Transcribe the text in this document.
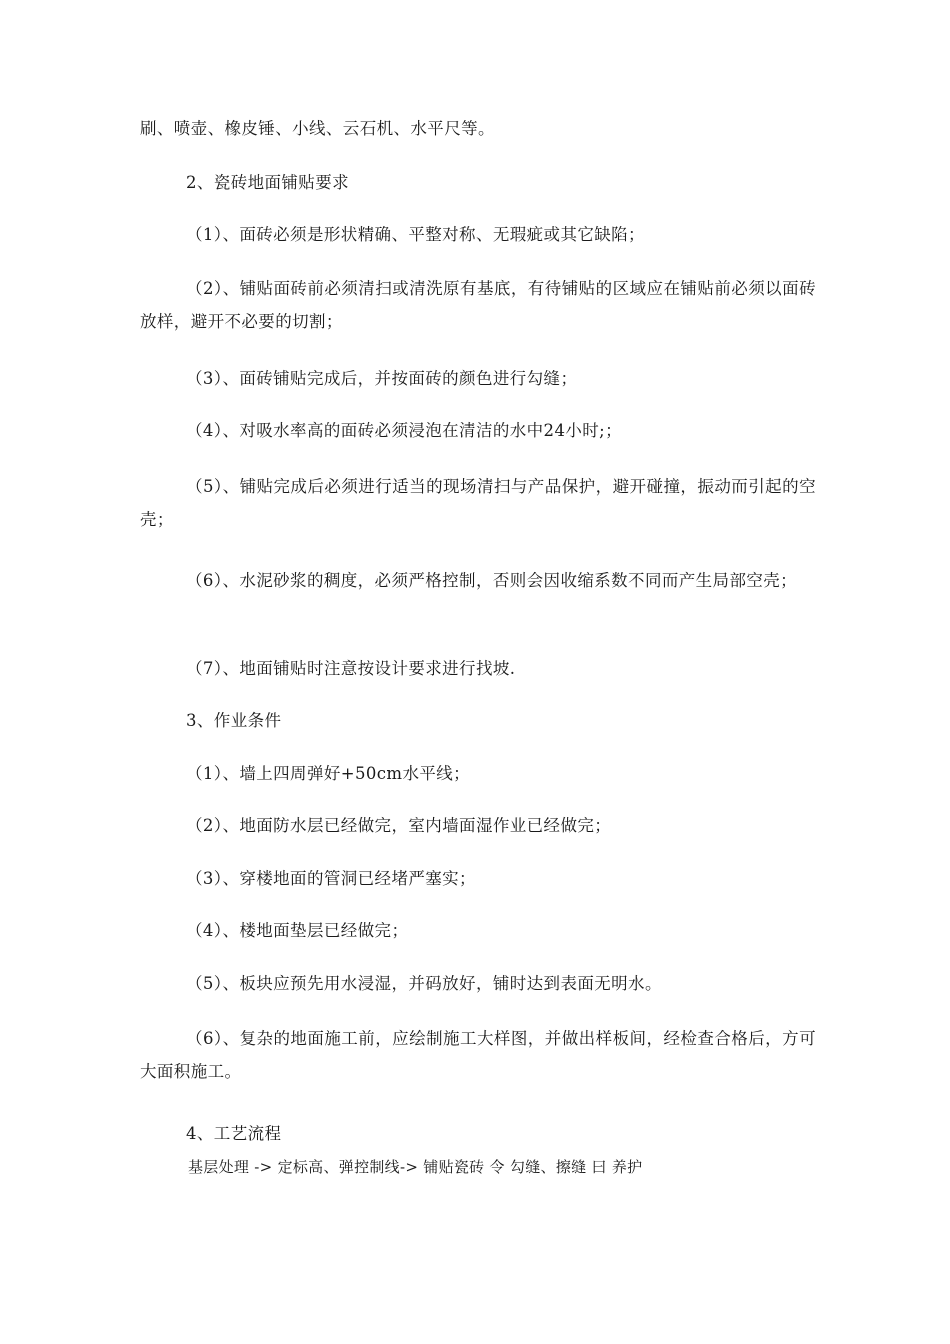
刷、喷壶、橡皮锤、小线、云石机、水平尺等。
2、瓷砖地面铺贴要求
（1）、面砖必须是形状精确、平整对称、无瑕疵或其它缺陷；
（2）、铺贴面砖前必须清扫或清洗原有基底，有待铺贴的区域应在铺贴前必须以面砖放样，避开不必要的切割；
（3）、面砖铺贴完成后，并按面砖的颜色进行勾缝；
（4）、对吸水率高的面砖必须浸泡在清洁的水中24小时;；
（5）、铺贴完成后必须进行适当的现场清扫与产品保护，避开碰撞，振动而引起的空壳；
（6）、水泥砂浆的稠度，必须严格控制，否则会因收缩系数不同而产生局部空壳；
（7）、地面铺贴时注意按设计要求进行找坡.
3、作业条件
（1）、墙上四周弹好+50cm水平线；
（2）、地面防水层已经做完，室内墙面湿作业已经做完；
（3）、穿楼地面的管洞已经堵严塞实；
（4）、楼地面垫层已经做完；
（5）、板块应预先用水浸湿，并码放好，铺时达到表面无明水。
（6）、复杂的地面施工前，应绘制施工大样图，并做出样板间，经检查合格后，方可大面积施工。
4、工艺流程
基层处理 -> 定标高、弹控制线-> 铺贴瓷砖 令 勾缝、擦缝 曰 养护
